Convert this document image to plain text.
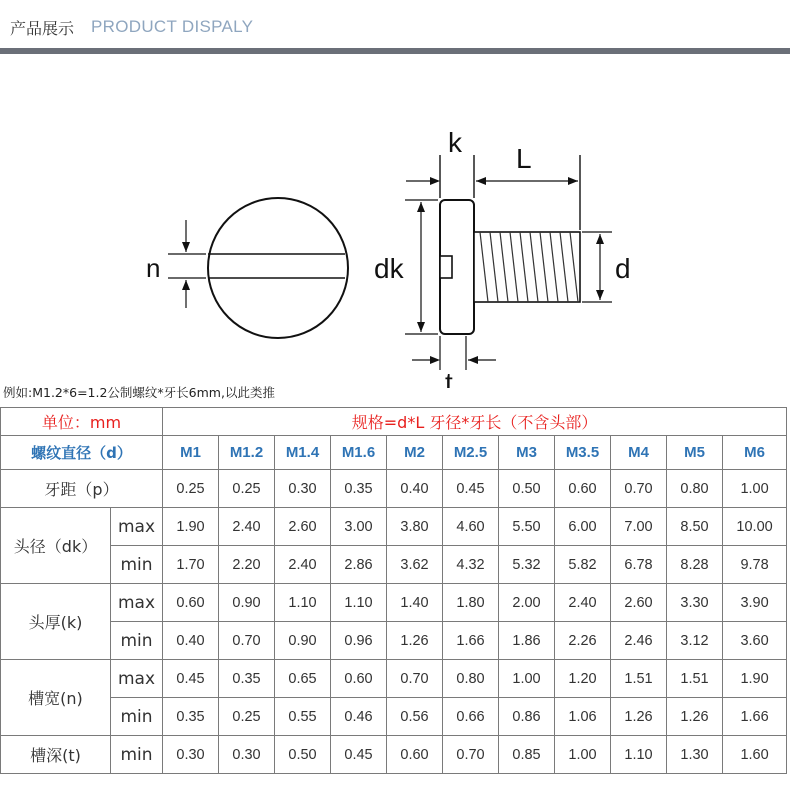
产品展示 PRODUCT DISPALY
n
k
L
dk	d
t
例如:M1.2*6=1.2公制螺纹*牙长6mm,以此类推
单位：mm		规格=d*L 牙径*牙长（不含头部）										
螺纹直径（d）		M1	M1.2	M1.4	M1.6	M2	M2.5	M3	M3.5	M4	M5	M6
牙距（p）		0.25	0.25	0.30	0.35	0.40	0.45	0.50	0.60	0.70	0.80	1.00
头径（dk）	max	1.90	2.40	2.60	3.00	3.80	4.60	5.50	6.00	7.00	8.50	10.00
	min	1.70	2.20	2.40	2.86	3.62	4.32	5.32	5.82	6.78	8.28	9.78
头厚(k)	max	0.60	0.90	1.10	1.10	1.40	1.80	2.00	2.40	2.60	3.30	3.90
	min	0.40	0.70	0.90	0.96	1.26	1.66	1.86	2.26	2.46	3.12	3.60
槽宽(n)	max	0.45	0.35	0.65	0.60	0.70	0.80	1.00	1.20	1.51	1.51	1.90
	min	0.35	0.25	0.55	0.46	0.56	0.66	0.86	1.06	1.26	1.26	1.66
槽深(t)	min	0.30	0.30	0.50	0.45	0.60	0.70	0.85	1.00	1.10	1.30	1.60
